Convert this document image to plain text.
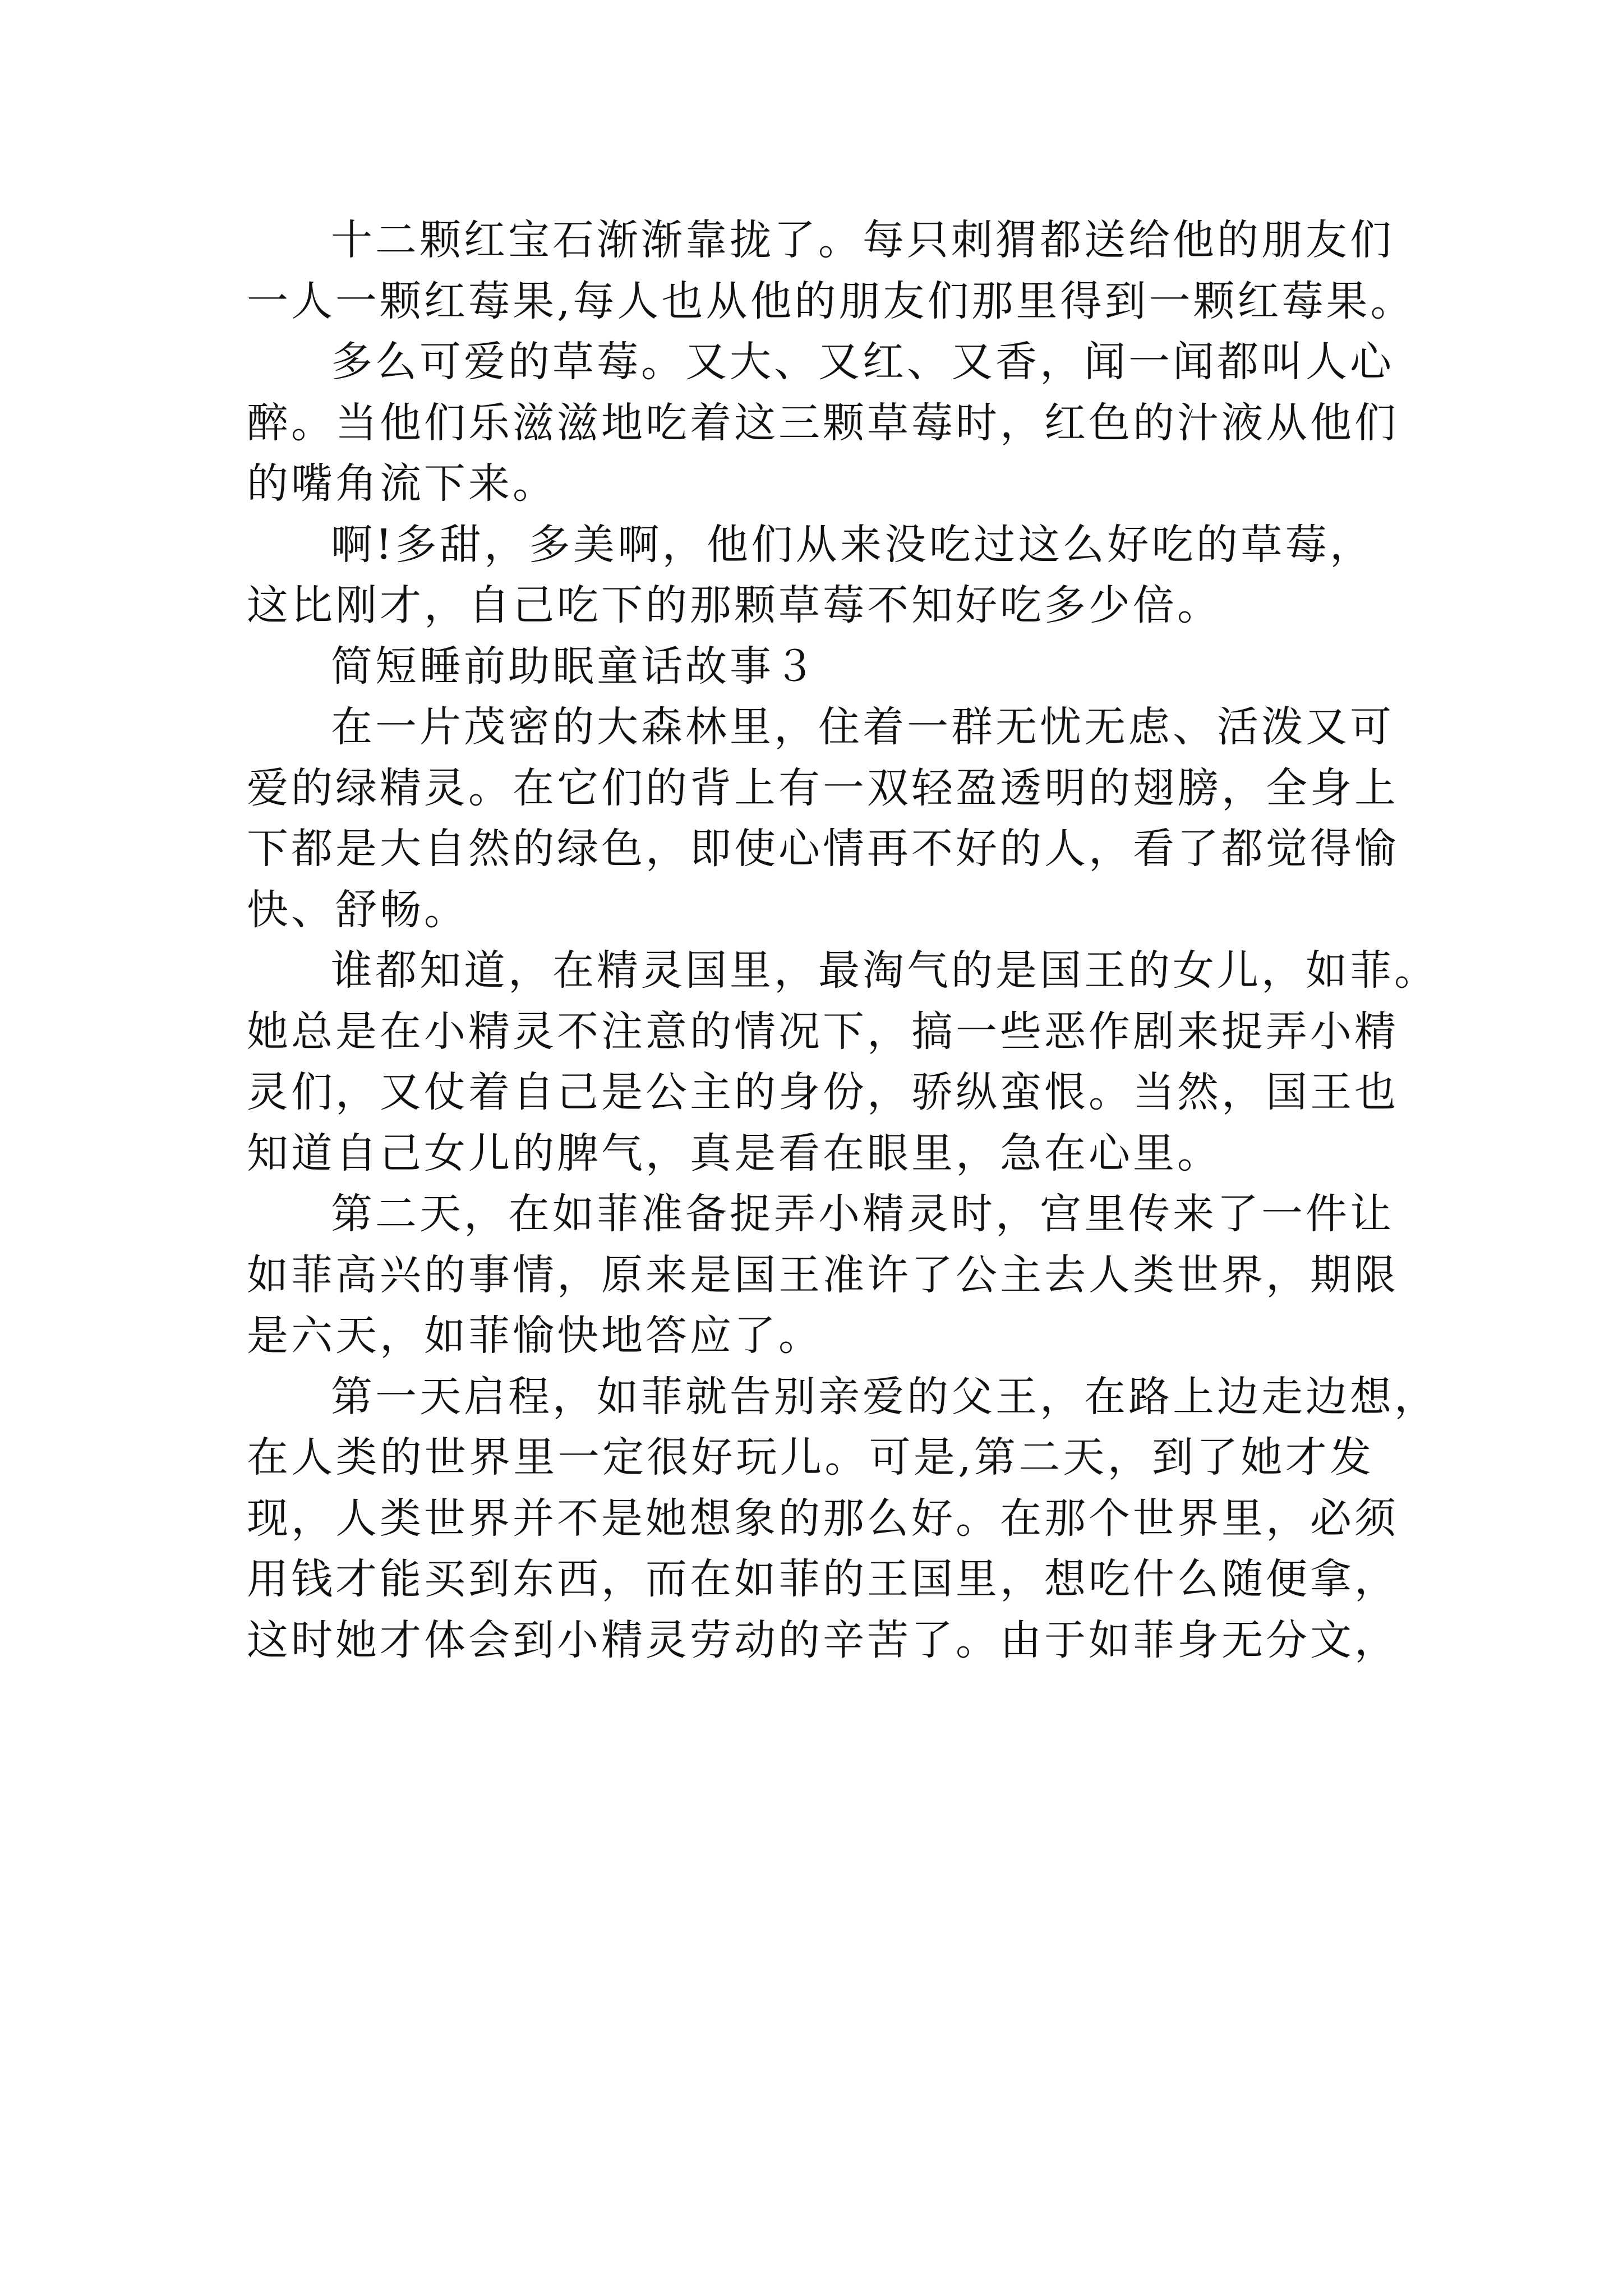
十二颗红宝石渐渐靠拢了。每只刺猬都送给他的朋友们
一人一颗红莓果,每人也从他的朋友们那里得到一颗红莓果。

多么可爱的草莓。又大、又红、又香，闻一闻都叫人心
醉。当他们乐滋滋地吃着这三颗草莓时，红色的汁液从他们
的嘴角流下来。

啊!多甜，多美啊，他们从来没吃过这么好吃的草莓，
这比刚才，自己吃下的那颗草莓不知好吃多少倍。

简短睡前助眠童话故事３

在一片茂密的大森林里，住着一群无忧无虑、活泼又可
爱的绿精灵。在它们的背上有一双轻盈透明的翅膀，全身上
下都是大自然的绿色，即使心情再不好的人，看了都觉得愉
快、舒畅。

谁都知道，在精灵国里，最淘气的是国王的女儿，如菲。
她总是在小精灵不注意的情况下，搞一些恶作剧来捉弄小精
灵们，又仗着自己是公主的身份，骄纵蛮恨。当然，国王也
知道自己女儿的脾气，真是看在眼里，急在心里。

第二天，在如菲准备捉弄小精灵时，宫里传来了一件让
如菲高兴的事情，原来是国王准许了公主去人类世界，期限
是六天，如菲愉快地答应了。

第一天启程，如菲就告别亲爱的父王，在路上边走边想，
在人类的世界里一定很好玩儿。可是,第二天，到了她才发
现，人类世界并不是她想象的那么好。在那个世界里，必须
用钱才能买到东西，而在如菲的王国里，想吃什么随便拿，
这时她才体会到小精灵劳动的辛苦了。由于如菲身无分文，
